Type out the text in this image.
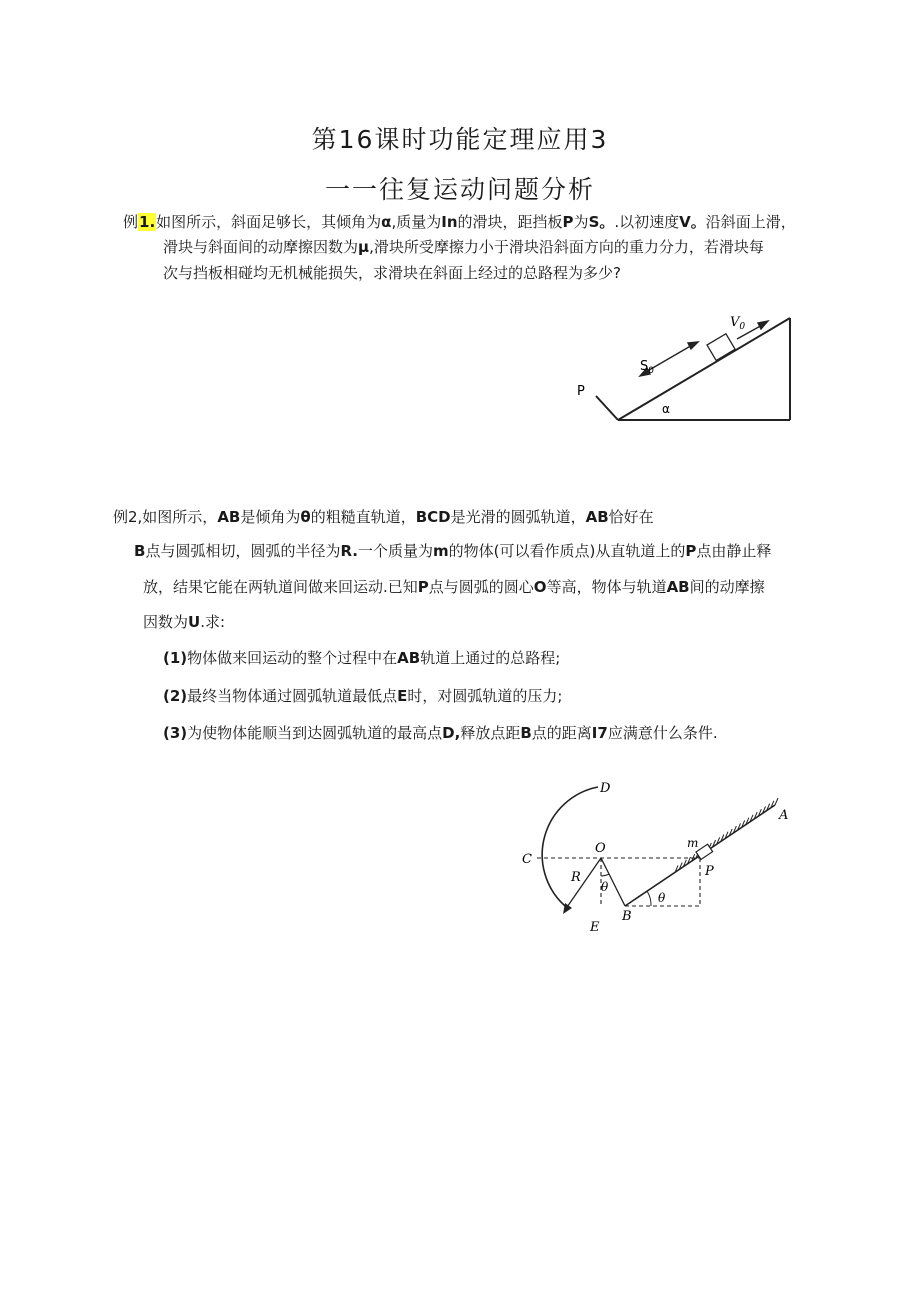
第16课时功能定理应用3
一一往复运动问题分析
例1.如图所示，斜面足够长，其倾角为α,质量为In的滑块，距挡板P为S。.以初速度V。沿斜面上滑，
滑块与斜面间的动摩擦因数为μ,滑块所受摩擦力小于滑块沿斜面方向的重力分力，若滑块每
次与挡板相碰均无机械能损失，求滑块在斜面上经过的总路程为多少?
$V_0$
$S_0$
P
α
例2,如图所示，AB是倾角为θ的粗糙直轨道，BCD是光滑的圆弧轨道，AB恰好在
B点与圆弧相切，圆弧的半径为R.一个质量为m的物体(可以看作质点)从直轨道上的P点由静止释
放，结果它能在两轨道间做来回运动.已知P点与圆弧的圆心O等高，物体与轨道AB间的动摩擦
因数为U.求:
(1)物体做来回运动的整个过程中在AB轨道上通过的总路程;
(2)最终当物体通过圆弧轨道最低点E时，对圆弧轨道的压力;
(3)为使物体能顺当到达圆弧轨道的最高点D,释放点距B点的距离I7应满意什么条件.
D
A
C
O	m
R	P
θ
θ
E
B
